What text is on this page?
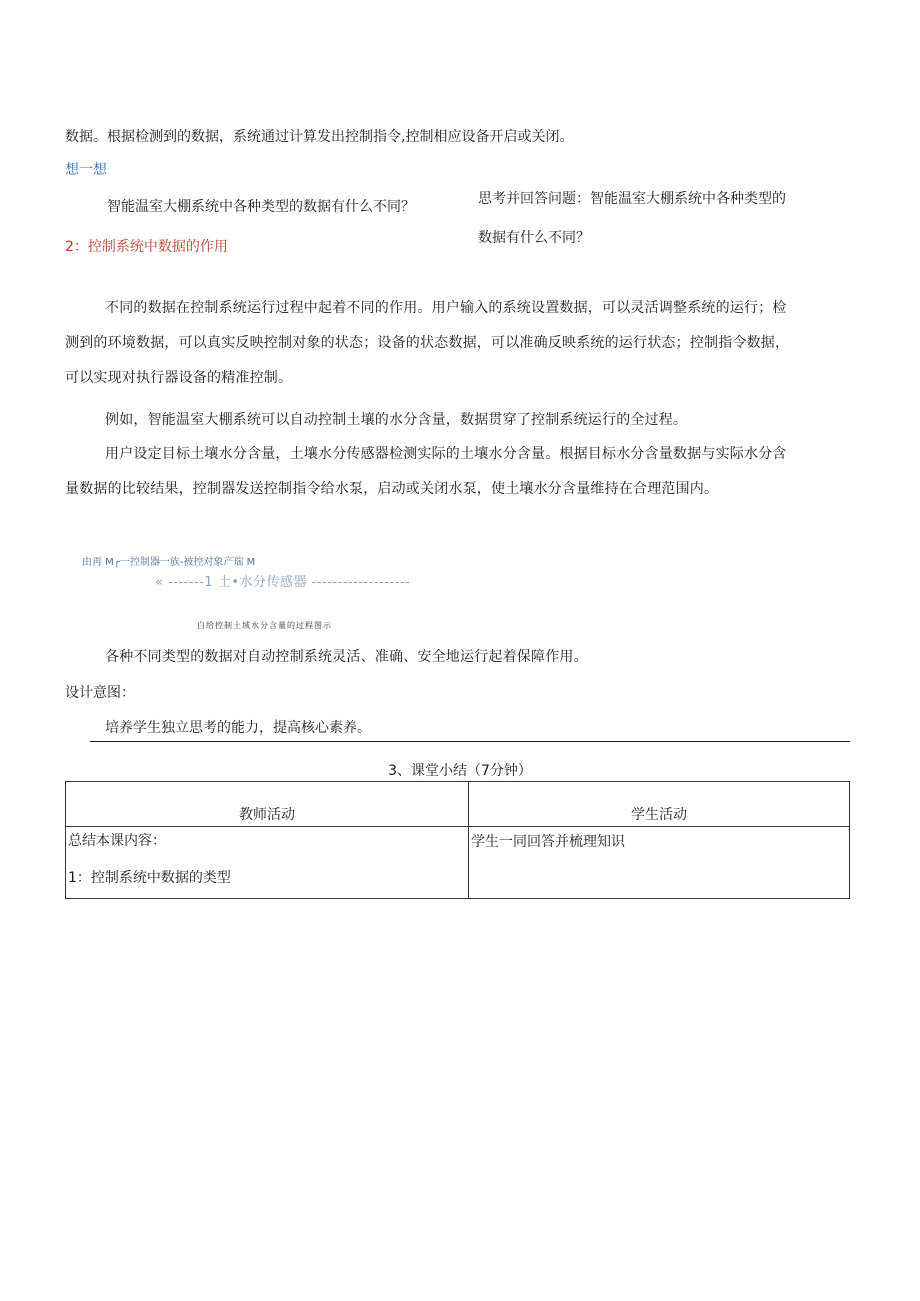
数据。根据检测到的数据，系统通过计算发出控制指令,控制相应设备开启或关闭。
想一想
智能温室大棚系统中各种类型的数据有什么不同？	思考并回答问题：智能温室大棚系统中各种类型的
数据有什么不同？
2：控制系统中数据的作用
不同的数据在控制系统运行过程中起着不同的作用。用户输入的系统设置数据，可以灵活调整系统的运行；检
测到的环境数据，可以真实反映控制对象的状态；设备的状态数据，可以准确反映系统的运行状态；控制指令数据，
可以实现对执行器设备的精准控制。
例如，智能温室大棚系统可以自动控制土壤的水分含量，数据贯穿了控制系统运行的全过程。
用户设定目标土壤水分含量，土壤水分传感器检测实际的土壤水分含量。根据目标水分含量数据与实际水分含
量数据的比较结果，控制器发送控制指令给水泵，启动或关闭水泵，使土壤水分含量维持在合理范围内。
由再 M┌一控制器一族-被控对象产瑞 M
« -------1 土•水分传感器 -------------------
白给控制土域水分含量的过程图示
各种不同类型的数据对自动控制系统灵活、准确、安全地运行起着保障作用。
设计意图：
培养学生独立思考的能力，提高核心素养。
3、课堂小结（7分钟）
教师活动	学生活动

总结本课内容：
1：控制系统中数据的类型	学生一同回答并梳理知识
